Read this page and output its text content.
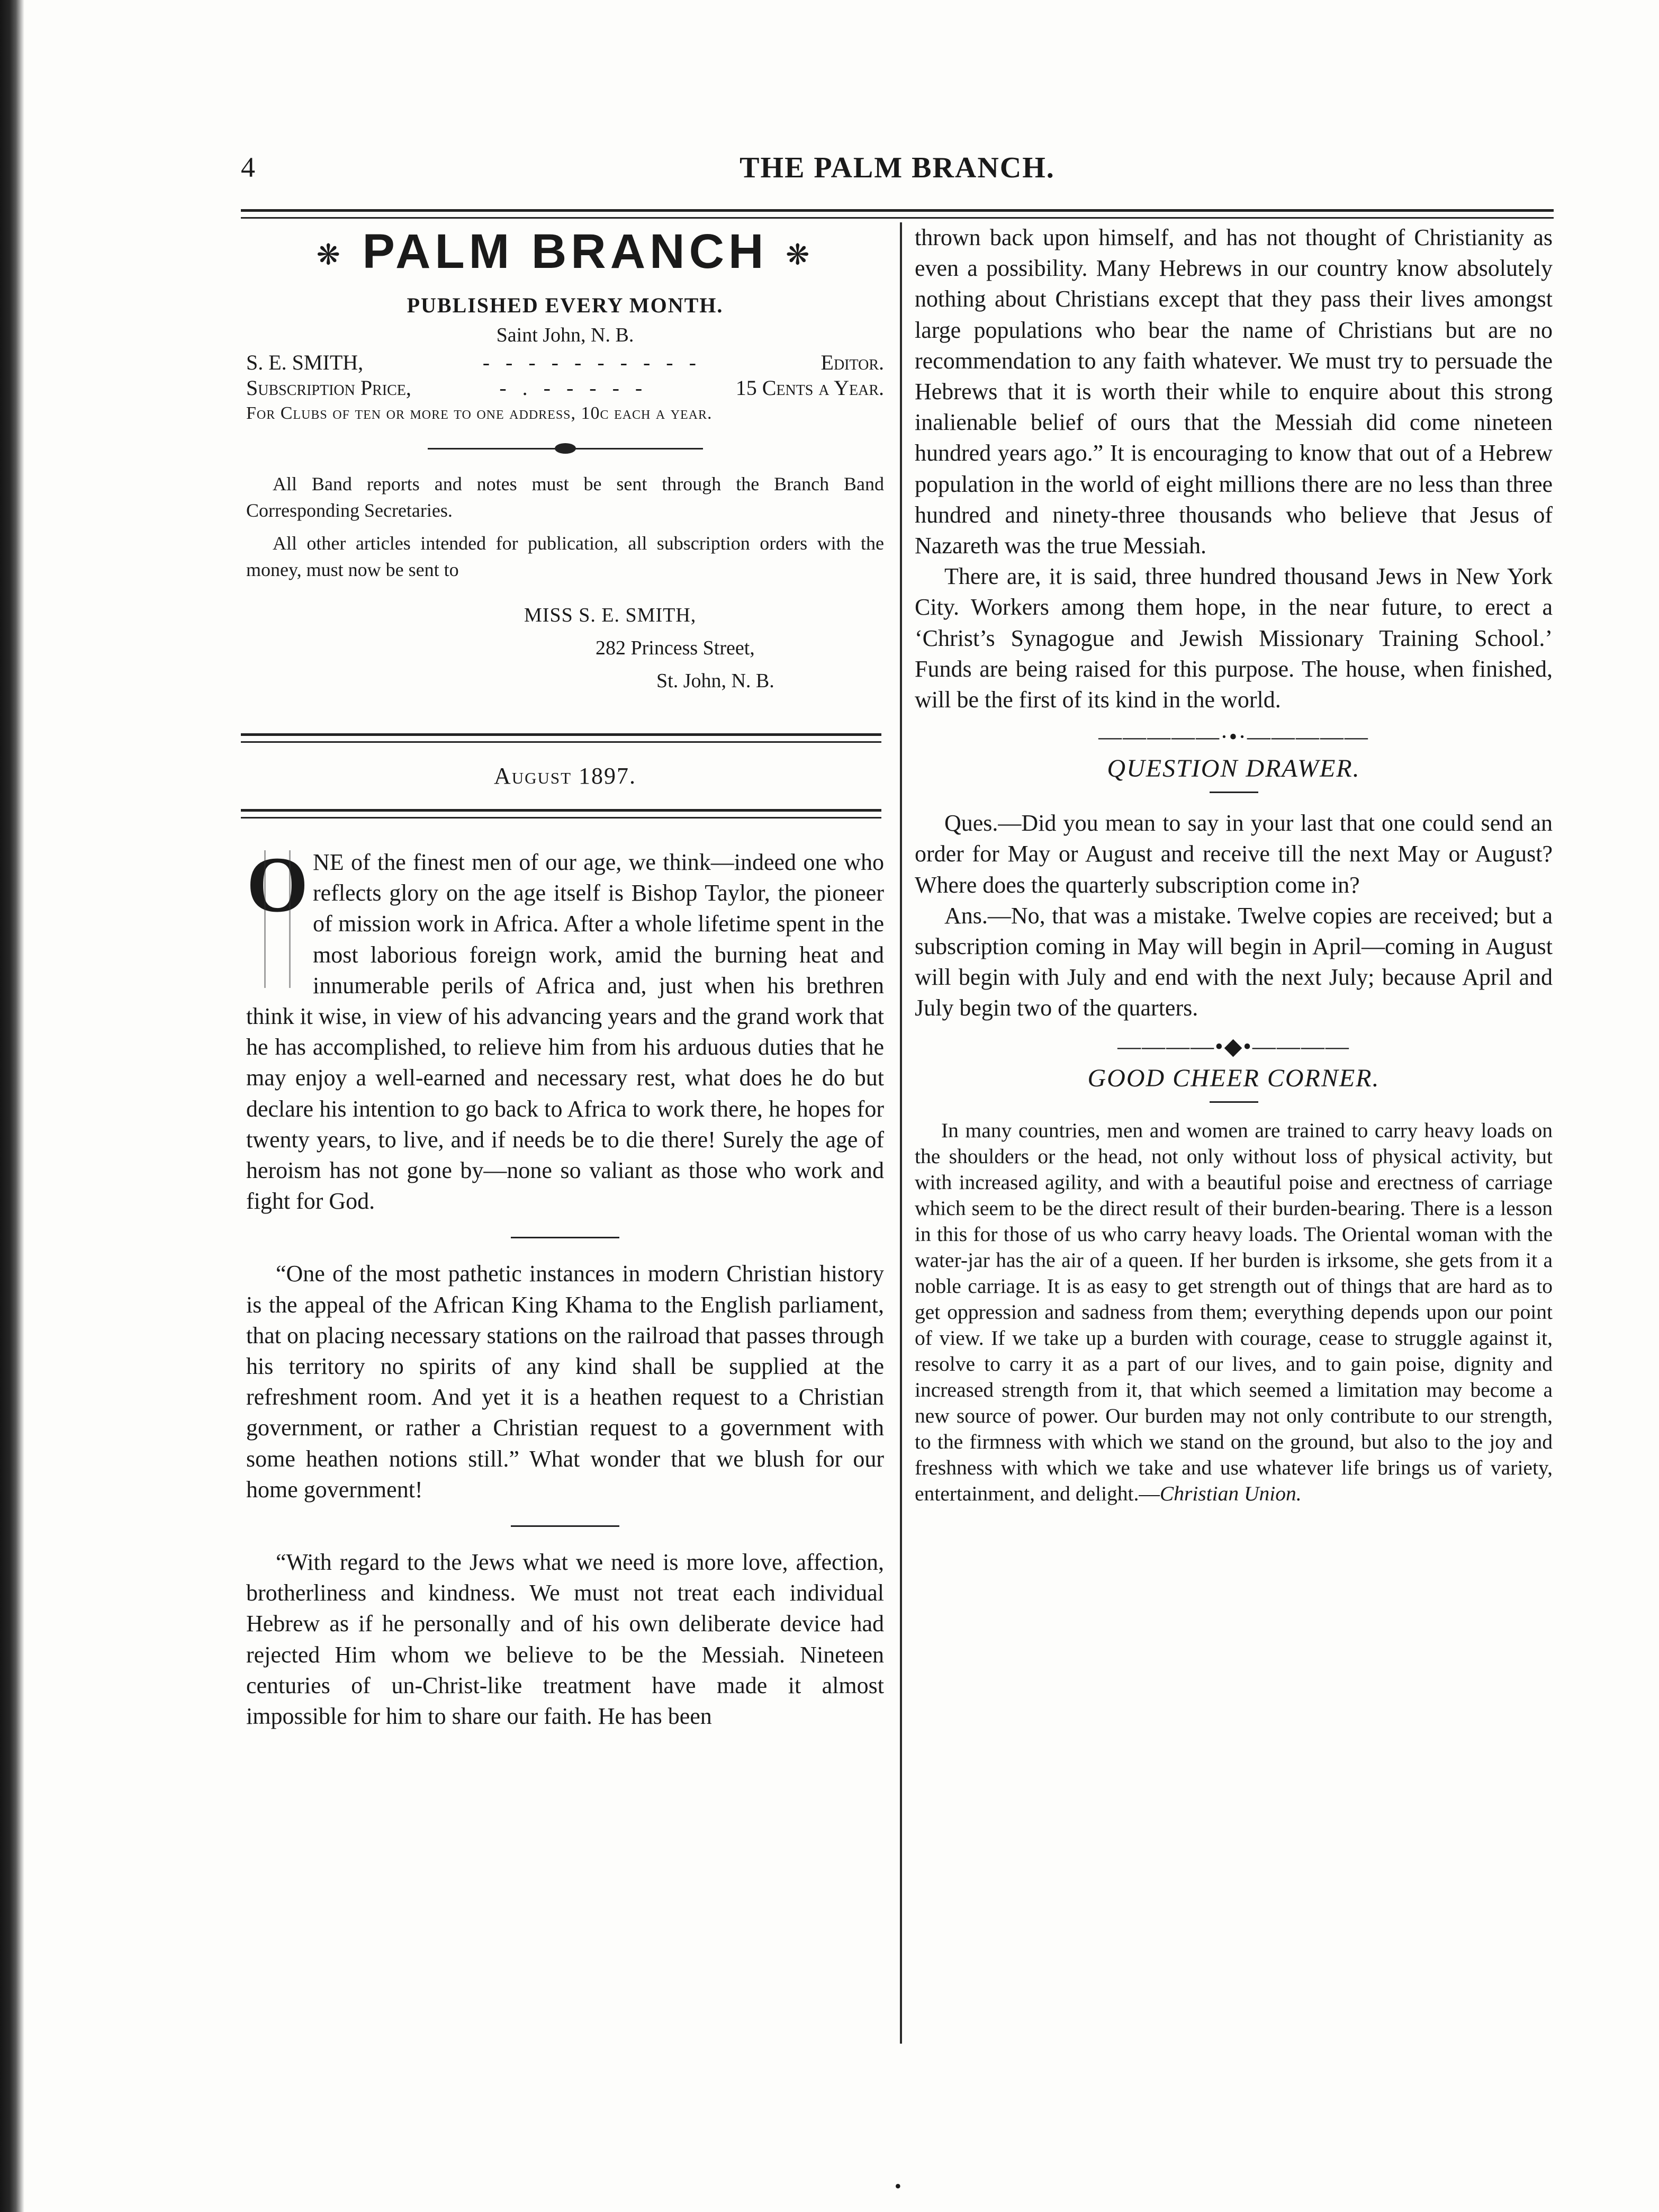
THE PALM BRANCH.
4
❋ PALM BRANCH ❋
PUBLISHED EVERY MONTH.
Saint John, N. B.
S. E. SMITH,	- - - - - - - - - -	Editor.
Subscription Price,	- . - - - - -	15 Cents a Year.
For Clubs of ten or more to one address, 10c each a year.

All Band reports and notes must be sent through the Branch Band Corresponding Secretaries.

All other articles intended for publication, all subscription orders with the money, must now be sent to

MISS S. E. SMITH,
282 Princess Street,
St. John, N. B.
August 1897.
O NE of the finest men of our age, we think—indeed one who reflects glory on the age itself is Bishop Taylor, the pioneer of mission work in Africa. After a whole lifetime spent in the most laborious foreign work, amid the burning heat and innumerable perils of Africa and, just when his brethren think it wise, in view of his advancing years and the grand work that he has accomplished, to relieve him from his arduous duties that he may enjoy a well-earned and necessary rest, what does he do but declare his intention to go back to Africa to work there, he hopes for twenty years, to live, and if needs be to die there! Surely the age of heroism has not gone by—none so valiant as those who work and fight for God.

“One of the most pathetic instances in modern Christian history is the appeal of the African King Khama to the English parliament, that on placing necessary stations on the railroad that passes through his territory no spirits of any kind shall be supplied at the refreshment room. And yet it is a heathen request to a Christian government, or rather a Christian request to a government with some heathen notions still.” What wonder that we blush for our home government!

“With regard to the Jews what we need is more love, affection, brotherliness and kindness. We must not treat each individual Hebrew as if he personally and of his own deliberate device had rejected Him whom we believe to be the Messiah. Nineteen centuries of un-Christ-like treatment have made it almost impossible for him to share our faith. He has been

thrown back upon himself, and has not thought of Christianity as even a possibility. Many Hebrews in our country know absolutely nothing about Christians except that they pass their lives amongst large populations who bear the name of Christians but are no recommendation to any faith whatever. We must try to persuade the Hebrews that it is worth their while to enquire about this strong inalienable belief of ours that the Messiah did come nineteen hundred years ago.” It is encouraging to know that out of a Hebrew population in the world of eight millions there are no less than three hundred and ninety-three thousands who believe that Jesus of Nazareth was the true Messiah.

There are, it is said, three hundred thousand Jews in New York City. Workers among them hope, in the near future, to erect a ‘Christ’s Synagogue and Jewish Missionary Training School.’ Funds are being raised for this purpose. The house, when finished, will be the first of its kind in the world.

—————·•·—————
QUESTION DRAWER.

Ques.—Did you mean to say in your last that one could send an order for May or August and receive till the next May or August? Where does the quarterly subscription come in?

Ans.—No, that was a mistake. Twelve copies are received; but a subscription coming in May will begin in April—coming in August will begin with July and end with the next July; because April and July begin two of the quarters.

————•◆•————
GOOD CHEER CORNER.

In many countries, men and women are trained to carry heavy loads on the shoulders or the head, not only without loss of physical activity, but with increased agility, and with a beautiful poise and erectness of carriage which seem to be the direct result of their burden-bearing. There is a lesson in this for those of us who carry heavy loads. The Oriental woman with the water-jar has the air of a queen. If her burden is irksome, she gets from it a noble carriage. It is as easy to get strength out of things that are hard as to get oppression and sadness from them; everything depends upon our point of view. If we take up a burden with courage, cease to struggle against it, resolve to carry it as a part of our lives, and to gain poise, dignity and increased strength from it, that which seemed a limitation may become a new source of power. Our burden may not only contribute to our strength, to the firmness with which we stand on the ground, but also to the joy and freshness with which we take and use whatever life brings us of variety, entertainment, and delight.—Christian Union.

•
